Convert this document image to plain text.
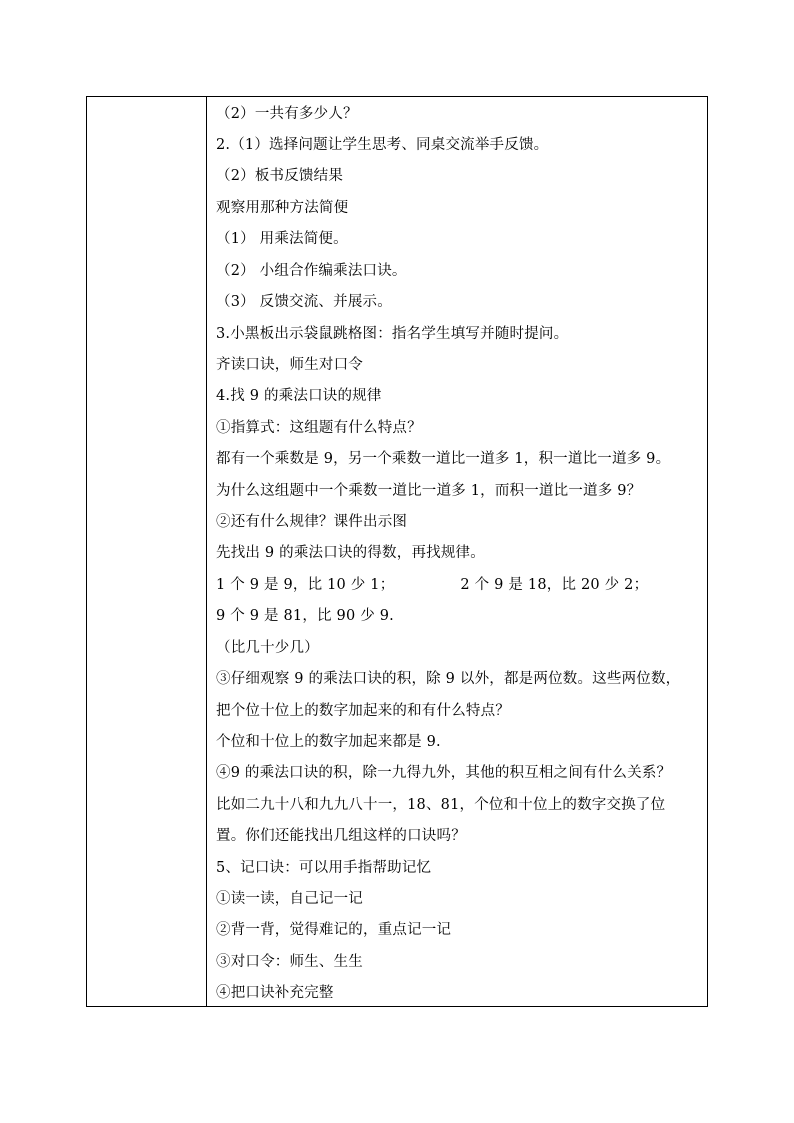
（2）一共有多少人？
2.（1）选择问题让学生思考、同桌交流举手反馈。
（2）板书反馈结果
观察用那种方法简便
（1） 用乘法简便。
（2） 小组合作编乘法口诀。
（3） 反馈交流、并展示。
3.小黑板出示袋鼠跳格图：指名学生填写并随时提问。
齐读口诀，师生对口令
4.找 9 的乘法口诀的规律
①指算式：这组题有什么特点？
都有一个乘数是 9，另一个乘数一道比一道多 1，积一道比一道多 9。
为什么这组题中一个乘数一道比一道多 1，而积一道比一道多 9？
②还有什么规律？课件出示图
先找出 9 的乘法口诀的得数，再找规律。
1 个 9 是 9，比 10 少 1；	2 个 9 是 18，比 20 少 2；
9 个 9 是 81，比 90 少 9.
（比几十少几）
③仔细观察 9 的乘法口诀的积，除 9 以外，都是两位数。这些两位数，
把个位十位上的数字加起来的和有什么特点？
个位和十位上的数字加起来都是 9.
④9 的乘法口诀的积，除一九得九外，其他的积互相之间有什么关系？
比如二九十八和九九八十一，18、81，个位和十位上的数字交换了位
置。你们还能找出几组这样的口诀吗？
5、记口诀：可以用手指帮助记忆
①读一读，自己记一记
②背一背，觉得难记的，重点记一记
③对口令：师生、生生
④把口诀补充完整
